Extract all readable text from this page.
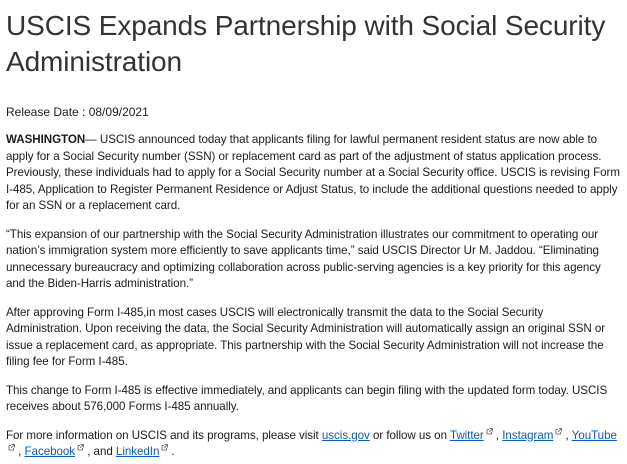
USCIS Expands Partnership with Social Security Administration
Release Date : 08/09/2021

WASHINGTON— USCIS announced today that applicants filing for lawful permanent resident status are now able to apply for a Social Security number (SSN) or replacement card as part of the adjustment of status application process. Previously, these individuals had to apply for a Social Security number at a Social Security office. USCIS is revising Form I-485, Application to Register Permanent Residence or Adjust Status, to include the additional questions needed to apply for an SSN or a replacement card.

“This expansion of our partnership with the Social Security Administration illustrates our commitment to operating our nation’s immigration system more efficiently to save applicants time,” said USCIS Director Ur M. Jaddou. “Eliminating unnecessary bureaucracy and optimizing collaboration across public-serving agencies is a key priority for this agency and the Biden-Harris administration.”

After approving Form I-485,in most cases USCIS will electronically transmit the data to the Social Security Administration. Upon receiving the data, the Social Security Administration will automatically assign an original SSN or issue a replacement card, as appropriate. This partnership with the Social Security Administration will not increase the filing fee for Form I-485.

This change to Form I-485 is effective immediately, and applicants can begin filing with the updated form today. USCIS receives about 576,000 Forms I-485 annually.

For more information on USCIS and its programs, please visit uscis.gov or follow us on Twitter
, Instagram
, YouTube
, Facebook
, and LinkedIn
.
